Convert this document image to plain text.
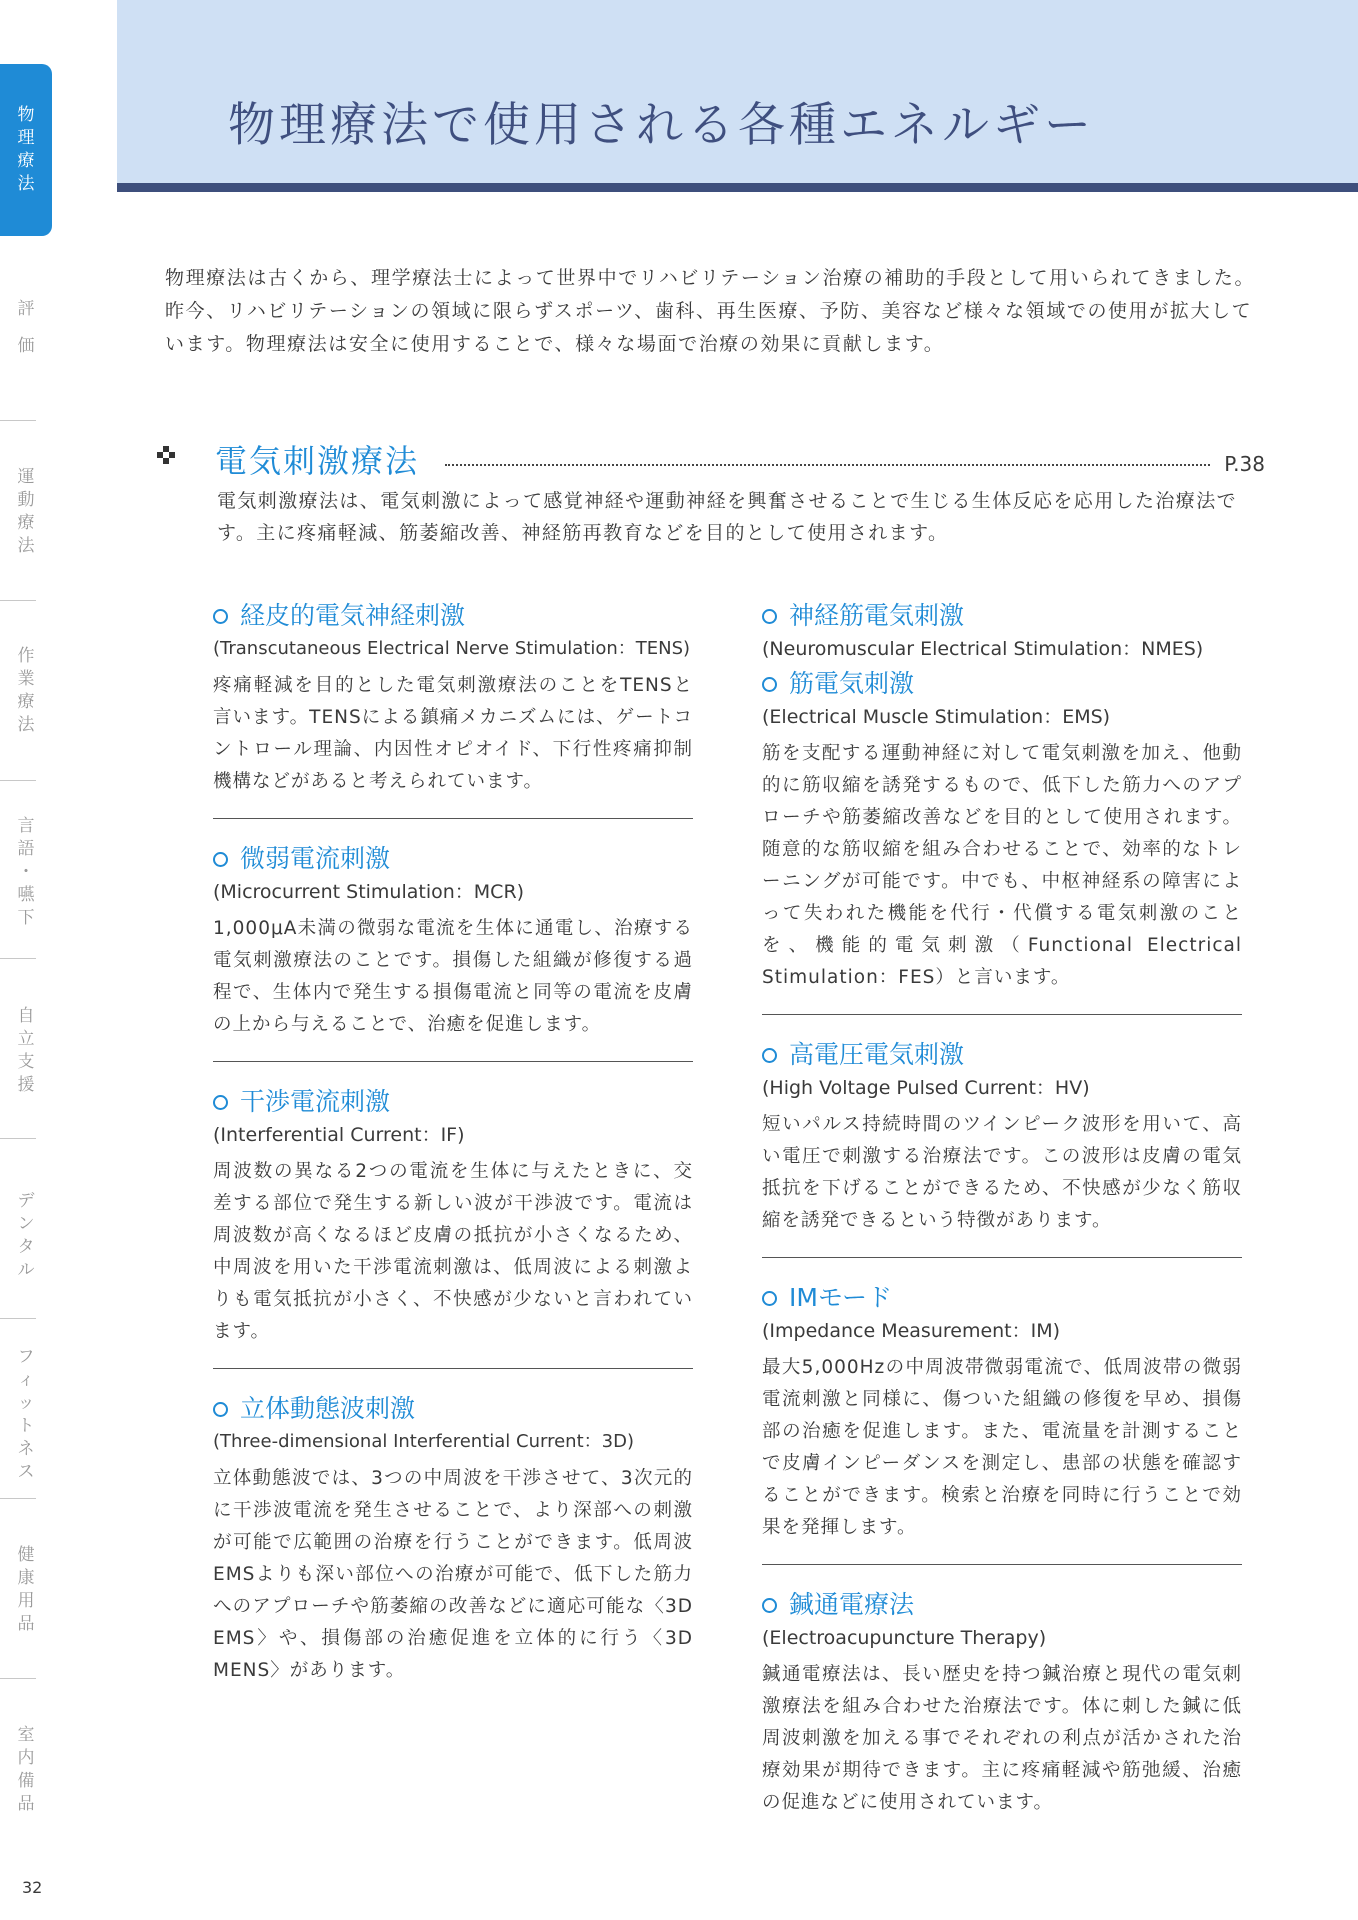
物
理
療
法
評
価
運
動
療
法
作
業
療
法
言
語
・
嚥
下
自
立
支
援
デ
ン
タ
ル
フ
ィ
ッ
ト
ネ
ス
健
康
用
品
室
内
備
品
32
物理療法で使用される各種エネルギー

物理療法は古くから、理学療法士によって世界中でリハビリテーション治療の補助的手段として用いられてきました。昨今、リハビリテーションの領域に限らずスポーツ、歯科、再生医療、予防、美容など様々な領域での使用が拡大しています。物理療法は安全に使用することで、様々な場面で治療の効果に貢献します。

電気刺激療法	P.38

電気刺激療法は、電気刺激によって感覚神経や運動神経を興奮させることで生じる生体反応を応用した治療法です。主に疼痛軽減、筋萎縮改善、神経筋再教育などを目的として使用されます。

経皮的電気神経刺激

(Transcutaneous Electrical Nerve Stimulation：TENS)

疼痛軽減を目的とした電気刺激療法のことをTENSと言います。TENSによる鎮痛メカニズムには、ゲートコントロール理論、内因性オピオイド、下行性疼痛抑制機構などがあると考えられています。

微弱電流刺激

(Microcurrent Stimulation：MCR)

1,000μA未満の微弱な電流を生体に通電し、治療する電気刺激療法のことです。損傷した組織が修復する過程で、生体内で発生する損傷電流と同等の電流を皮膚の上から与えることで、治癒を促進します。

干渉電流刺激

(Interferential Current：IF)

周波数の異なる2つの電流を生体に与えたときに、交差する部位で発生する新しい波が干渉波です。電流は周波数が高くなるほど皮膚の抵抗が小さくなるため、中周波を用いた干渉電流刺激は、低周波による刺激よりも電気抵抗が小さく、不快感が少ないと言われています。

立体動態波刺激

(Three-dimensional Interferential Current：3D)

立体動態波では、3つの中周波を干渉させて、3次元的に干渉波電流を発生させることで、より深部への刺激が可能で広範囲の治療を行うことができます。低周波EMSよりも深い部位への治療が可能で、低下した筋力へのアプローチや筋萎縮の改善などに適応可能な〈3D EMS〉や、損傷部の治癒促進を立体的に行う〈3D MENS〉があります。

神経筋電気刺激

(Neuromuscular Electrical Stimulation：NMES)

筋電気刺激

(Electrical Muscle Stimulation：EMS)

筋を支配する運動神経に対して電気刺激を加え、他動的に筋収縮を誘発するもので、低下した筋力へのアプローチや筋萎縮改善などを目的として使用されます。随意的な筋収縮を組み合わせることで、効率的なトレーニングが可能です。中でも、中枢神経系の障害によって失われた機能を代行・代償する電気刺激のことを、機能的電気刺激（Functional Electrical Stimulation：FES）と言います。

高電圧電気刺激

(High Voltage Pulsed Current：HV)

短いパルス持続時間のツインピーク波形を用いて、高い電圧で刺激する治療法です。この波形は皮膚の電気抵抗を下げることができるため、不快感が少なく筋収縮を誘発できるという特徴があります。

IMモード

(Impedance Measurement：IM)

最大5,000Hzの中周波帯微弱電流で、低周波帯の微弱電流刺激と同様に、傷ついた組織の修復を早め、損傷部の治癒を促進します。また、電流量を計測することで皮膚インピーダンスを測定し、患部の状態を確認することができます。検索と治療を同時に行うことで効果を発揮します。

鍼通電療法

(Electroacupuncture Therapy)

鍼通電療法は、長い歴史を持つ鍼治療と現代の電気刺激療法を組み合わせた治療法です。体に刺した鍼に低周波刺激を加える事でそれぞれの利点が活かされた治療効果が期待できます。主に疼痛軽減や筋弛緩、治癒の促進などに使用されています。
